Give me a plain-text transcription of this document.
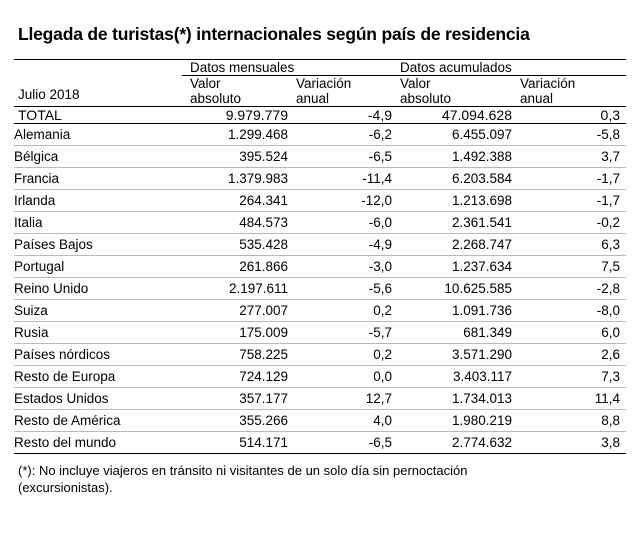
Llegada de turistas(*) internacionales según país de residencia
	Datos mensuales		Datos acumulados	
Julio 2018	Valor	Variación	Valor	Variación
	absoluto	anual	absoluto	anual
TOTAL	9.979.779	-4,9	47.094.628	0,3
Alemania	1.299.468	-6,2	6.455.097	-5,8
Bélgica	395.524	-6,5	1.492.388	3,7
Francia	1.379.983	-11,4	6.203.584	-1,7
Irlanda	264.341	-12,0	1.213.698	-1,7
Italia	484.573	-6,0	2.361.541	-0,2
Países Bajos	535.428	-4,9	2.268.747	6,3
Portugal	261.866	-3,0	1.237.634	7,5
Reino Unido	2.197.611	-5,6	10.625.585	-2,8
Suiza	277.007	0,2	1.091.736	-8,0
Rusia	175.009	-5,7	681.349	6,0
Países nórdicos	758.225	0,2	3.571.290	2,6
Resto de Europa	724.129	0,0	3.403.117	7,3
Estados Unidos	357.177	12,7	1.734.013	11,4
Resto de América	355.266	4,0	1.980.219	8,8
Resto del mundo	514.171	-6,5	2.774.632	3,8
(*): No incluye viajeros en tránsito ni visitantes de un solo día sin pernoctación
(excursionistas).
